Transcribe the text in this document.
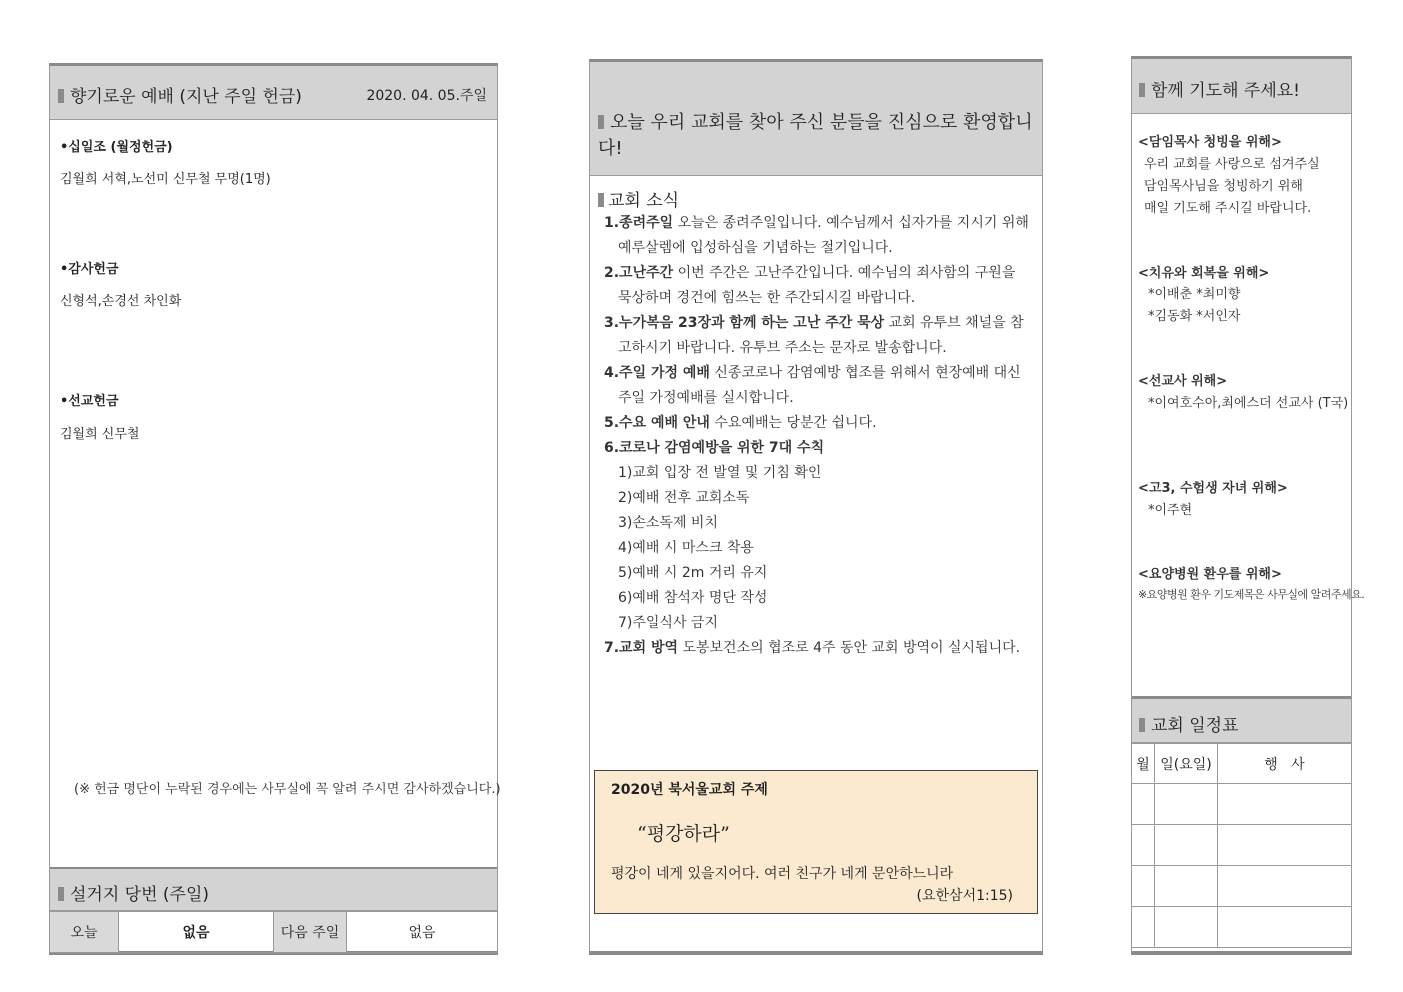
향기로운 예배 (지난 주일 헌금)	2020. 04. 05.주일
•십일조 (월정헌금)
김월희 서혁,노선미 신무철 무명(1명)
•감사헌금
신형석,손경선 차인화
•선교헌금
김월희 신무철
(※ 헌금 명단이 누락된 경우에는 사무실에 꼭 알려 주시면 감사하겠습니다.)
설거지 당번 (주일)
오늘	없음	다음 주일	없음
오늘 우리 교회를 찾아 주신 분들을 진심으로 환영합니다!
교회 소식
1.종려주일 오늘은 종려주일입니다. 예수님께서 십자가를 지시기 위해
예루살렘에 입성하심을 기념하는 절기입니다.
2.고난주간 이번 주간은 고난주간입니다. 예수님의 죄사함의 구원을
묵상하며 경건에 힘쓰는 한 주간되시길 바랍니다.
3.누가복음 23장과 함께 하는 고난 주간 묵상 교회 유투브 채널을 참
고하시기 바랍니다. 유투브 주소는 문자로 발송합니다.
4.주일 가정 예배 신종코로나 감염예방 협조를 위해서 현장예배 대신
주일 가정예배를 실시합니다.
5.수요 예배 안내 수요예배는 당분간 쉽니다.
6.코로나 감염예방을 위한 7대 수칙
1)교회 입장 전 발열 및 기침 확인
2)예배 전후 교회소독
3)손소독제 비치
4)예배 시 마스크 착용
5)예배 시 2m 거리 유지
6)예배 참석자 명단 작성
7)주일식사 금지
7.교회 방역 도봉보건소의 협조로 4주 동안 교회 방역이 실시됩니다.
2020년 북서울교회 주제
“평강하라”
평강이 네게 있을지어다. 여러 친구가 네게 문안하느니라
(요한삼서1:15)
함께 기도해 주세요!
<담임목사 청빙을 위해>
우리 교회를 사랑으로 섬겨주실
담임목사님을 청빙하기 위해
매일 기도해 주시길 바랍니다.
<치유와 회복을 위해>
*이배춘 *최미향
*김동화 *서인자
<선교사 위해>
*이여호수아,최에스더 선교사 (T국)
<고3, 수험생 자녀 위해>
*이주현
<요양병원 환우를 위해>
※요양병원 환우 기도제목은 사무실에 알려주세요.
교회 일정표
월	일(요일)	행   사
